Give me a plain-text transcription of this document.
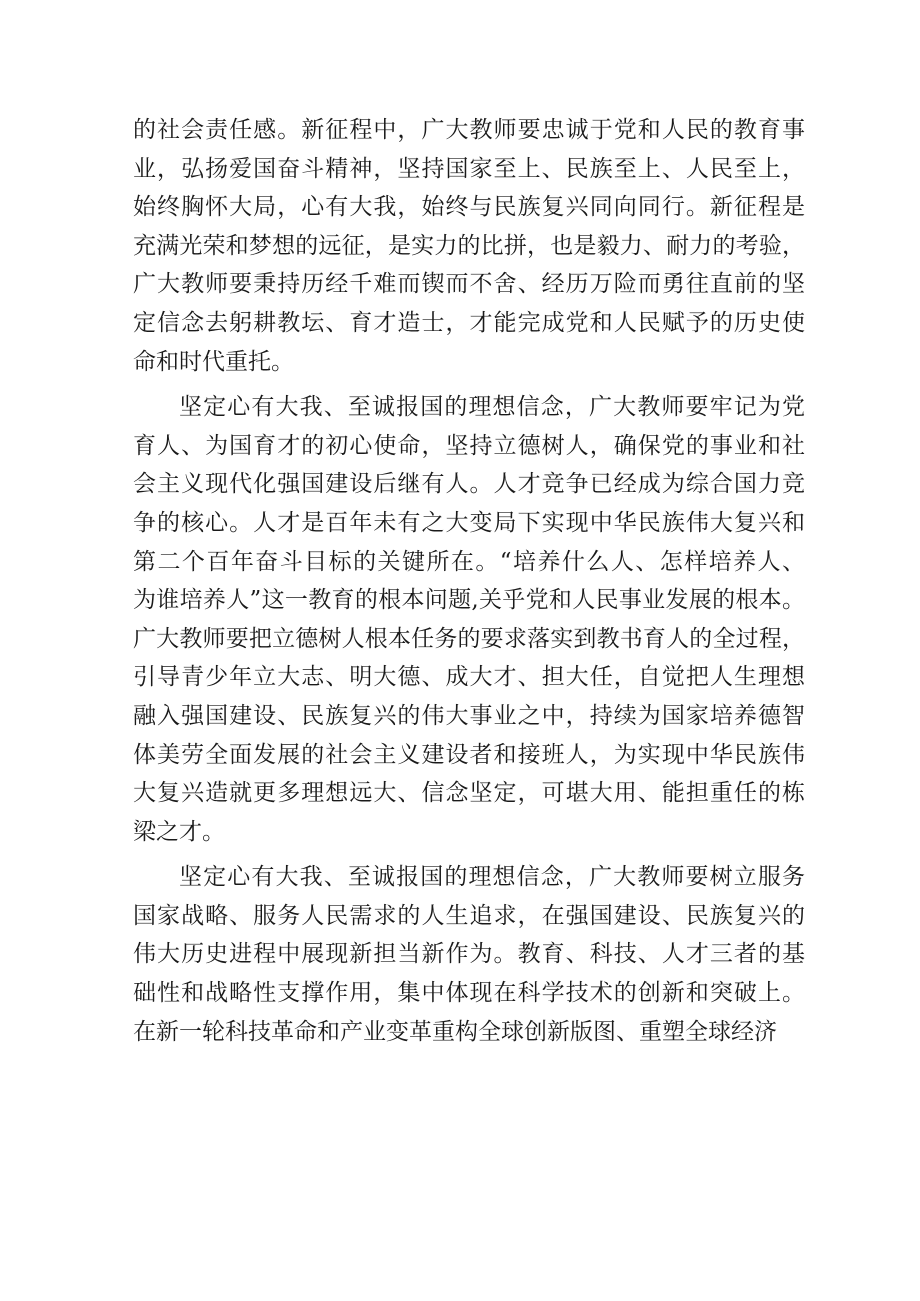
的社会责任感。新征程中，广大教师要忠诚于党和人民的教育事
业，弘扬爱国奋斗精神，坚持国家至上、民族至上、人民至上，
始终胸怀大局，心有大我，始终与民族复兴同向同行。新征程是
充满光荣和梦想的远征，是实力的比拼，也是毅力、耐力的考验，
广大教师要秉持历经千难而锲而不舍、经历万险而勇往直前的坚
定信念去躬耕教坛、育才造士，才能完成党和人民赋予的历史使
命和时代重托。
坚定心有大我、至诚报国的理想信念，广大教师要牢记为党
育人、为国育才的初心使命，坚持立德树人，确保党的事业和社
会主义现代化强国建设后继有人。人才竞争已经成为综合国力竞
争的核心。人才是百年未有之大变局下实现中华民族伟大复兴和
第二个百年奋斗目标的关键所在。“培养什么人、怎样培养人、
为谁培养人”这一教育的根本问题,关乎党和人民事业发展的根本。
广大教师要把立德树人根本任务的要求落实到教书育人的全过程，
引导青少年立大志、明大德、成大才、担大任，自觉把人生理想
融入强国建设、民族复兴的伟大事业之中，持续为国家培养德智
体美劳全面发展的社会主义建设者和接班人，为实现中华民族伟
大复兴造就更多理想远大、信念坚定，可堪大用、能担重任的栋
梁之才。
坚定心有大我、至诚报国的理想信念，广大教师要树立服务
国家战略、服务人民需求的人生追求，在强国建设、民族复兴的
伟大历史进程中展现新担当新作为。教育、科技、人才三者的基
础性和战略性支撑作用，集中体现在科学技术的创新和突破上。
在新一轮科技革命和产业变革重构全球创新版图、重塑全球经济
